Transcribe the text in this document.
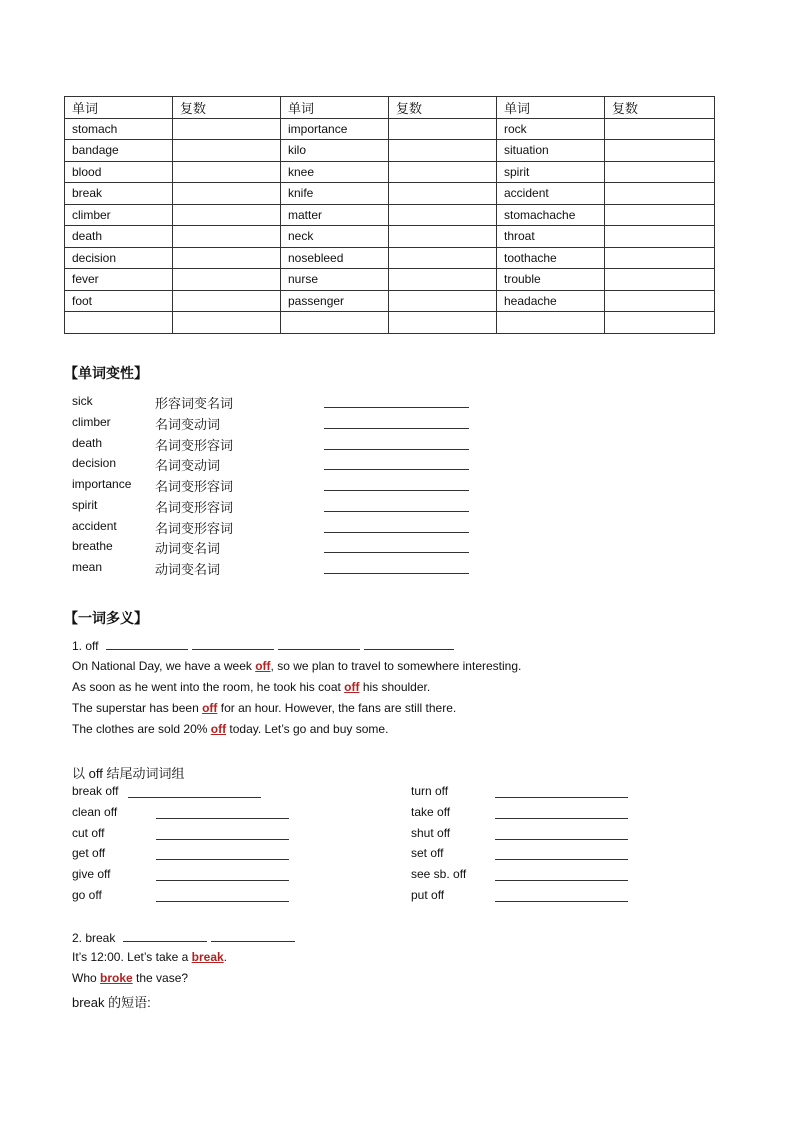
单词	复数	单词	复数	单词	复数
stomach		importance		rock	
bandage		kilo		situation	
blood		knee		spirit	
break		knife		accident	
climber		matter		stomachache	
death		neck		throat	
decision		nosebleed		toothache	
fever		nurse		trouble	
foot		passenger		headache	

【单词变性】
sick	形容词变名词
climber	名词变动词
death	名词变形容词
decision	名词变动词
importance 名词变形容词
spirit	名词变形容词
accident	名词变形容词
breathe	动词变名词
mean	动词变名词
【一词多义】
1. off
On National Day, we have a week off, so we plan to travel to somewhere interesting.
As soon as he went into the room, he took his coat off his shoulder.
The superstar has been off for an hour. However, the fans are still there.
The clothes are sold 20% off today. Let’s go and buy some.
以 off 结尾动词词组
break off
clean off
cut off
get off
give off
go off
turn off
take off
shut off
set off
see sb. off
put off
2. break
It’s 12:00. Let’s take a break.
Who broke the vase?
break 的短语:
